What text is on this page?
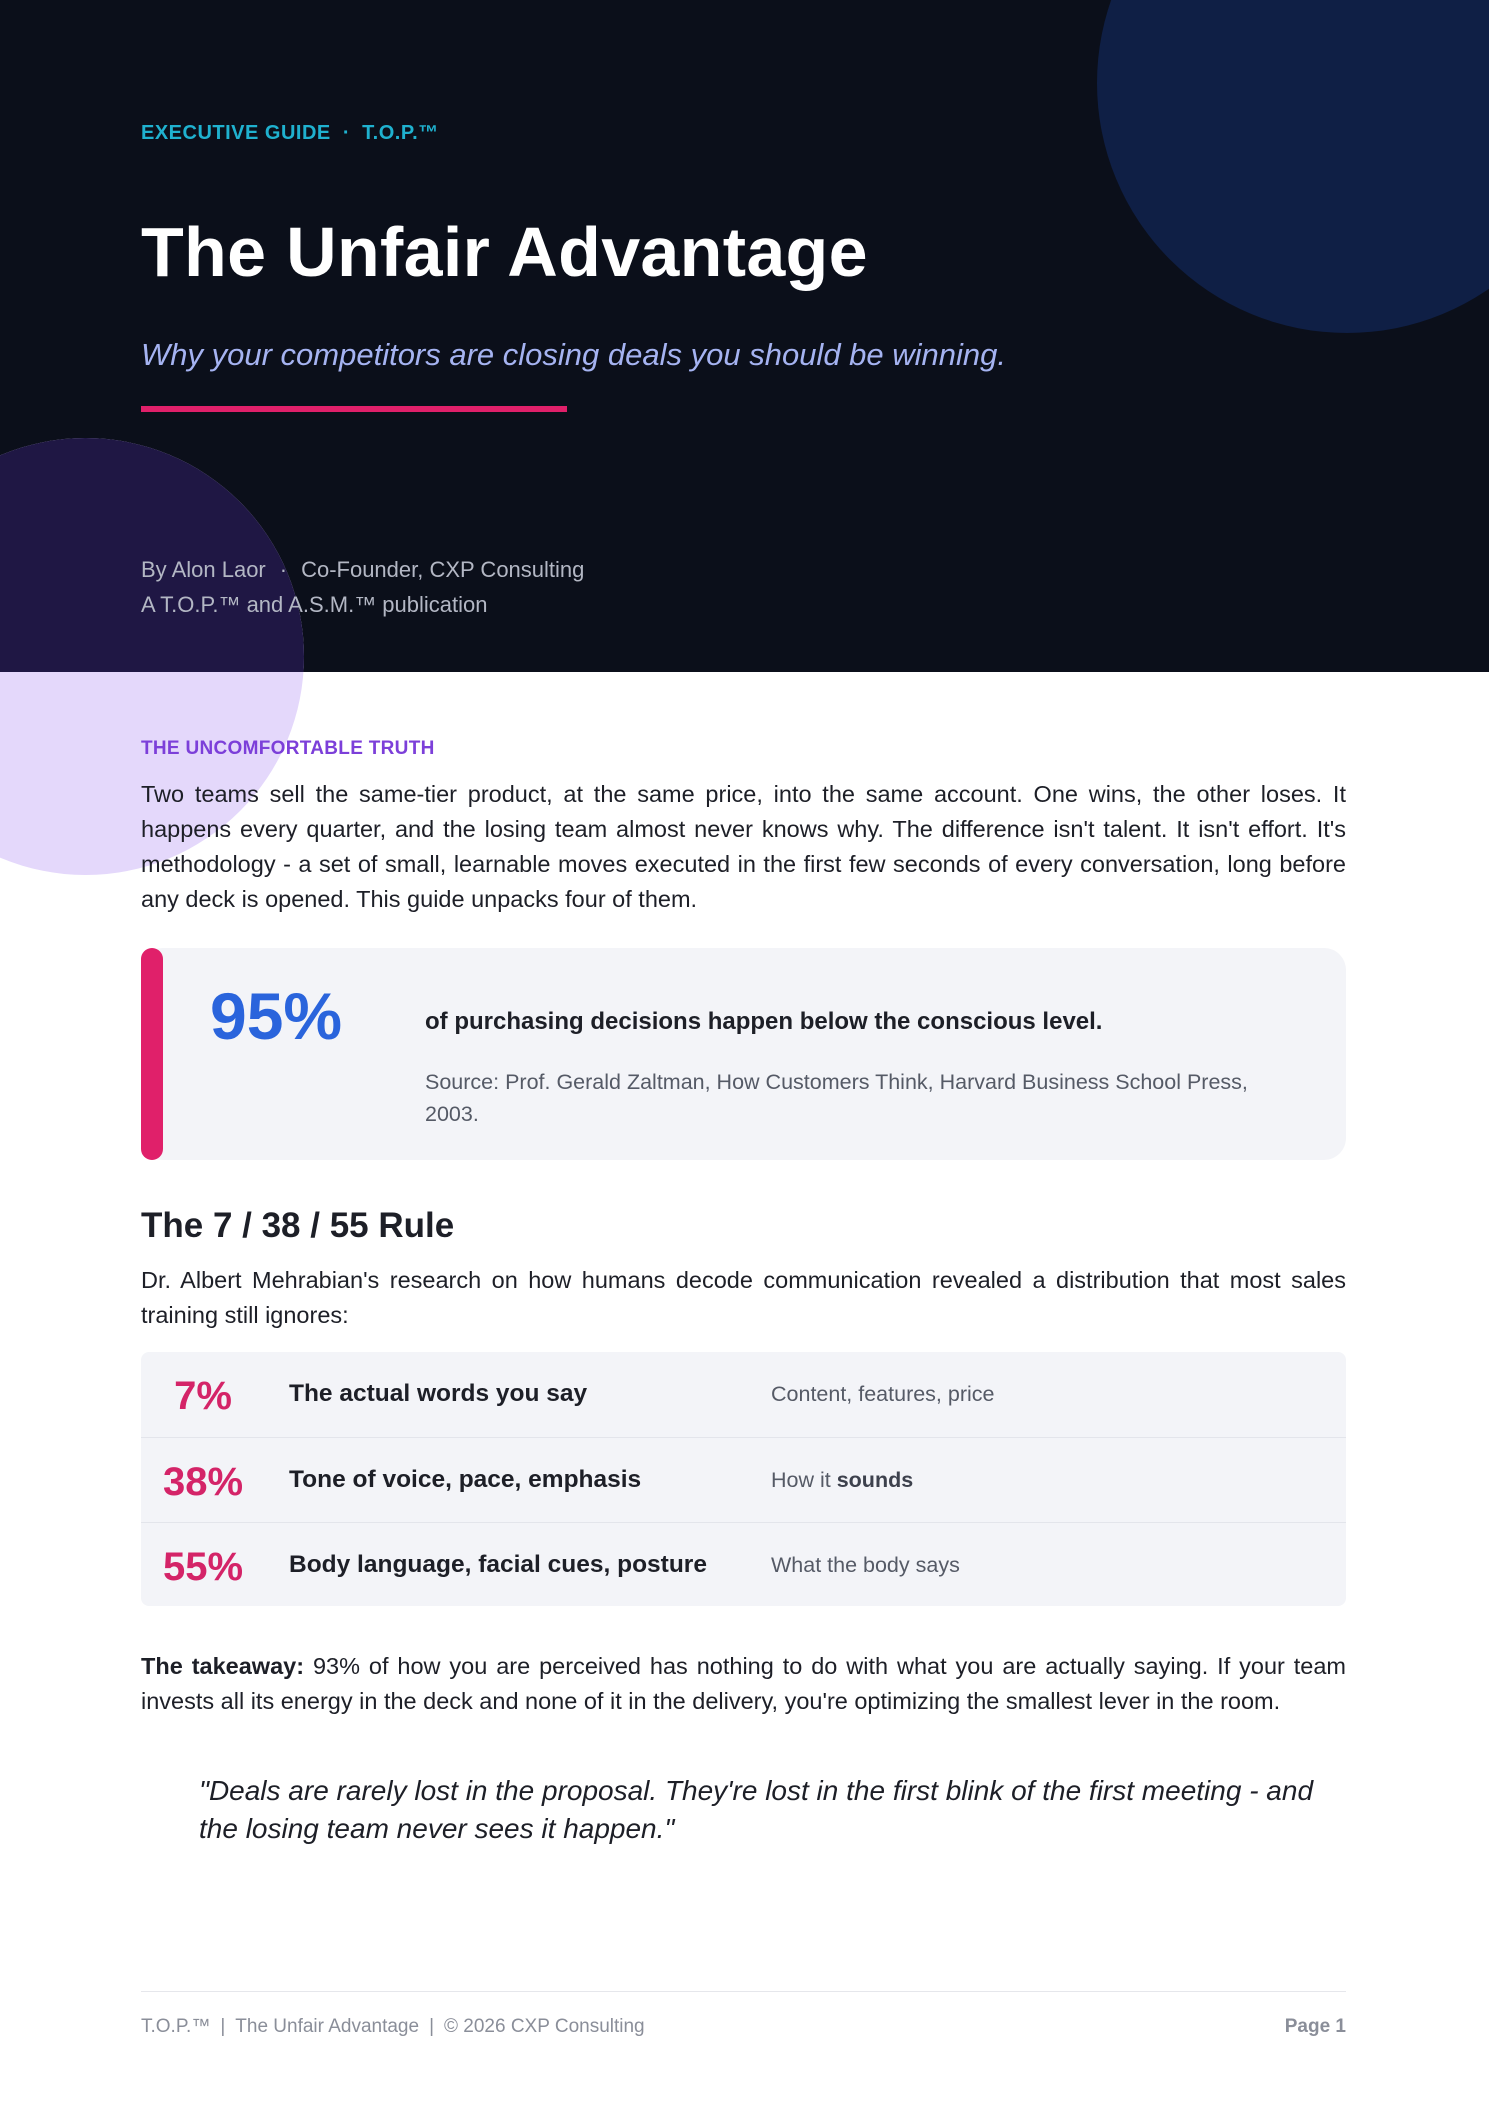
EXECUTIVE GUIDE  ·  T.O.P.™
The Unfair Advantage
Why your competitors are closing deals you should be winning.
By Alon Laor · Co-Founder, CXP Consulting
A T.O.P.™ and A.S.M.™ publication
THE UNCOMFORTABLE TRUTH

Two teams sell the same-tier product, at the same price, into the same account. One wins, the other loses. It happens every quarter, and the losing team almost never knows why. The difference isn't talent. It isn't effort. It's methodology - a set of small, learnable moves executed in the first few seconds of every conversation, long before any deck is opened. This guide unpacks four of them.

95%	of purchasing decisions happen below the conscious level.
Source: Prof. Gerald Zaltman, How Customers Think, Harvard Business School Press, 2003.
The 7 / 38 / 55 Rule

Dr. Albert Mehrabian's research on how humans decode communication revealed a distribution that most sales training still ignores:

7%	The actual words you say	Content, features, price
38%	Tone of voice, pace, emphasis	How it sounds
55%	Body language, facial cues, posture	What the body says

The takeaway: 93% of how you are perceived has nothing to do with what you are actually saying. If your team invests all its energy in the deck and none of it in the delivery, you're optimizing the smallest lever in the room.

"Deals are rarely lost in the proposal. They're lost in the first blink of the first meeting - and the losing team never sees it happen."

T.O.P.™ | The Unfair Advantage | © 2026 CXP Consulting	Page 1
